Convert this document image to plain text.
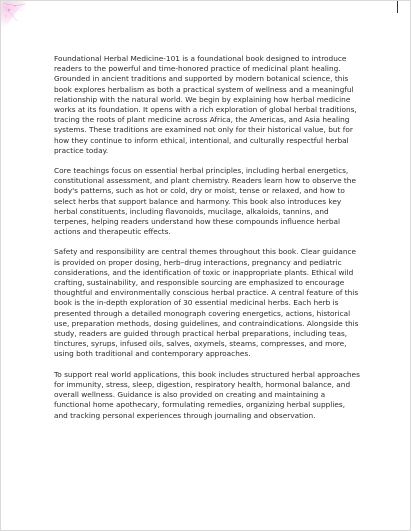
Foundational Herbal Medicine-101 is a foundational book designed to introduce readers to the powerful and time-honored practice of medicinal plant healing. Grounded in ancient traditions and supported by modern botanical science, this book explores herbalism as both a practical system of wellness and a meaningful relationship with the natural world. We begin by explaining how herbal medicine works at its foundation. It opens with a rich exploration of global herbal traditions, tracing the roots of plant medicine across Africa, the Americas, and Asia healing systems. These traditions are examined not only for their historical value, but for how they continue to inform ethical, intentional, and culturally respectful herbal practice today.

Core teachings focus on essential herbal principles, including herbal energetics, constitutional assessment, and plant chemistry. Readers learn how to observe the body's patterns, such as hot or cold, dry or moist, tense or relaxed, and how to select herbs that support balance and harmony. This book also introduces key herbal constituents, including flavonoids, mucilage, alkaloids, tannins, and terpenes, helping readers understand how these compounds influence herbal actions and therapeutic effects.

Safety and responsibility are central themes throughout this book. Clear guidance is provided on proper dosing, herb–drug interactions, pregnancy and pediatric considerations, and the identification of toxic or inappropriate plants. Ethical wild crafting, sustainability, and responsible sourcing are emphasized to encourage thoughtful and environmentally conscious herbal practice. A central feature of this book is the in-depth exploration of 30 essential medicinal herbs. Each herb is presented through a detailed monograph covering energetics, actions, historical use, preparation methods, dosing guidelines, and contraindications. Alongside this study, readers are guided through practical herbal preparations, including teas, tinctures, syrups, infused oils, salves, oxymels, steams, compresses, and more, using both traditional and contemporary approaches.

To support real world applications, this book includes structured herbal approaches for immunity, stress, sleep, digestion, respiratory health, hormonal balance, and overall wellness. Guidance is also provided on creating and maintaining a functional home apothecary, formulating remedies, organizing herbal supplies, and tracking personal experiences through journaling and observation.
